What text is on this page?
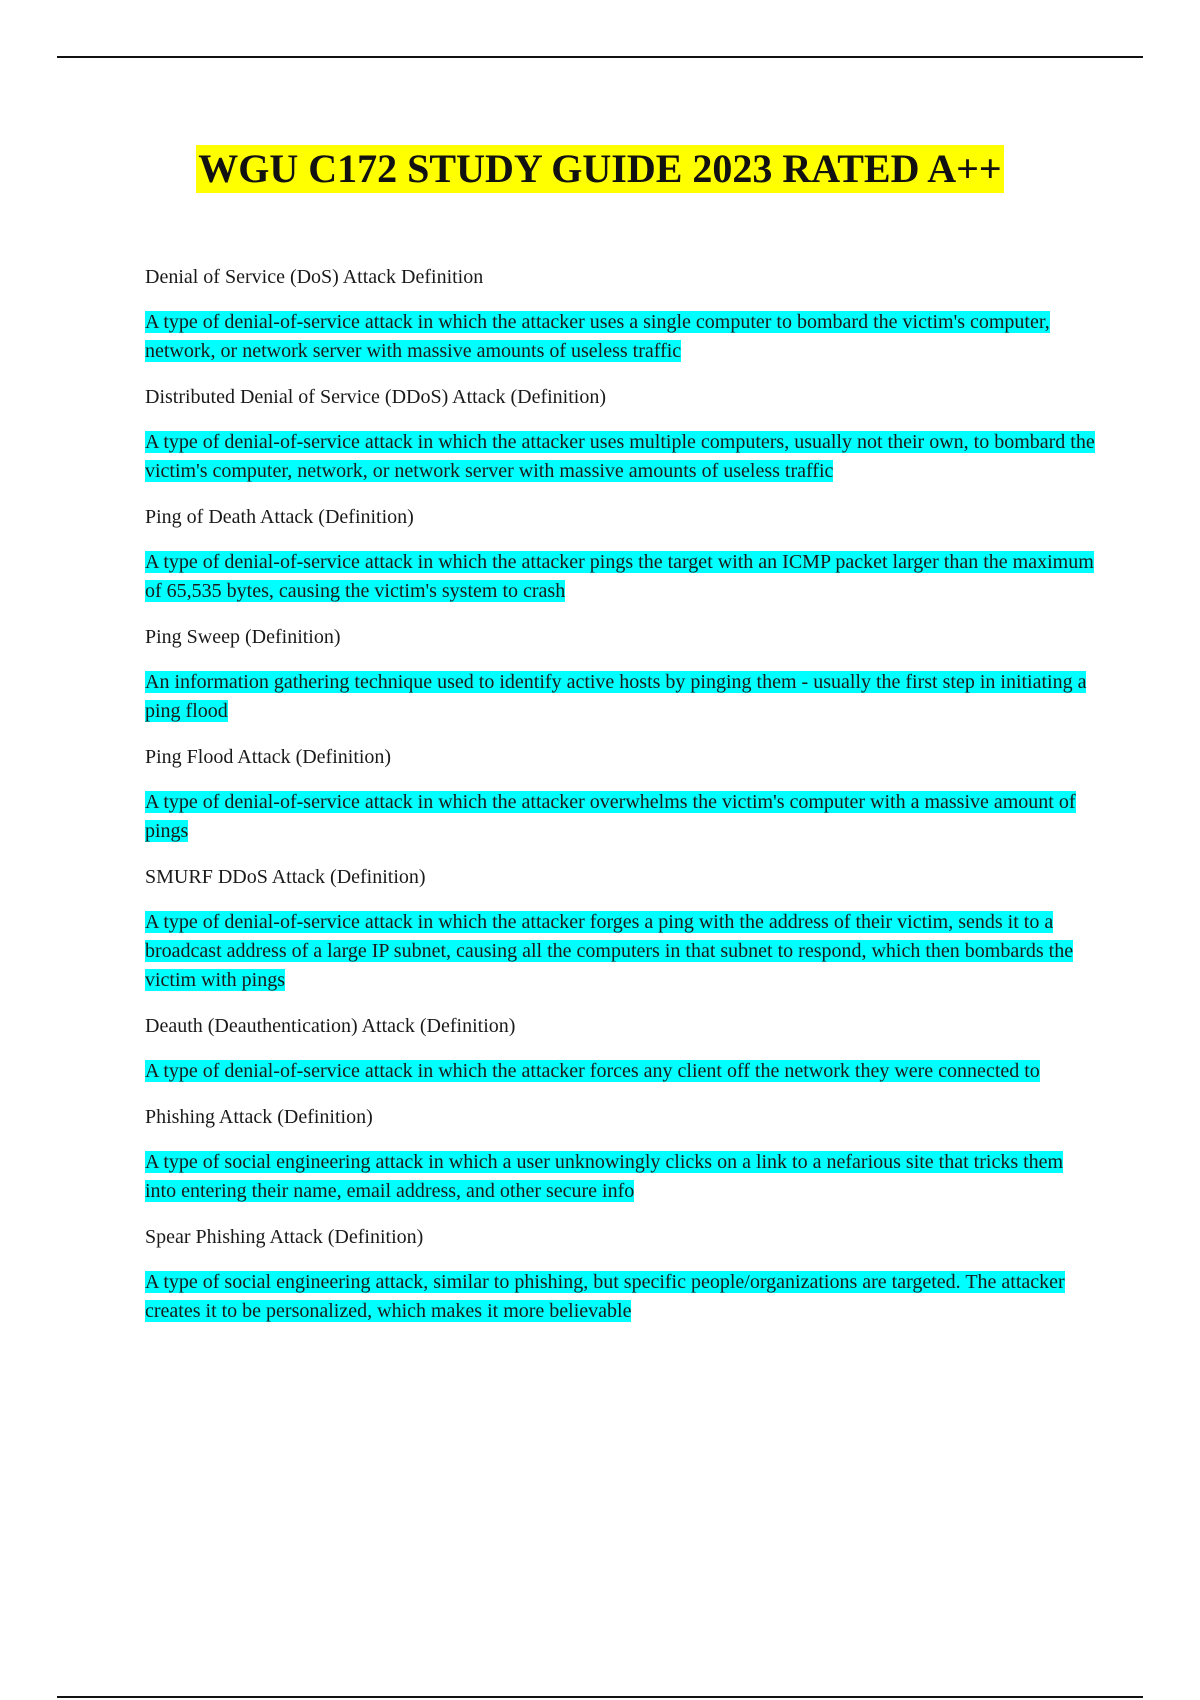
WGU C172 STUDY GUIDE 2023 RATED A++

Denial of Service (DoS) Attack Definition

A type of denial-of-service attack in which the attacker uses a single computer to bombard the victim's computer, network, or network server with massive amounts of useless traffic

Distributed Denial of Service (DDoS) Attack (Definition)

A type of denial-of-service attack in which the attacker uses multiple computers, usually not their own, to bombard the victim's computer, network, or network server with massive amounts of useless traffic

Ping of Death Attack (Definition)

A type of denial-of-service attack in which the attacker pings the target with an ICMP packet larger than the maximum of 65,535 bytes, causing the victim's system to crash

Ping Sweep (Definition)

An information gathering technique used to identify active hosts by pinging them - usually the first step in initiating a ping flood

Ping Flood Attack (Definition)

A type of denial-of-service attack in which the attacker overwhelms the victim's computer with a massive amount of pings

SMURF DDoS Attack (Definition)

A type of denial-of-service attack in which the attacker forges a ping with the address of their victim, sends it to a broadcast address of a large IP subnet, causing all the computers in that subnet to respond, which then bombards the victim with pings

Deauth (Deauthentication) Attack (Definition)

A type of denial-of-service attack in which the attacker forces any client off the network they were connected to

Phishing Attack (Definition)

A type of social engineering attack in which a user unknowingly clicks on a link to a nefarious site that tricks them into entering their name, email address, and other secure info

Spear Phishing Attack (Definition)

A type of social engineering attack, similar to phishing, but specific people/organizations are targeted. The attacker creates it to be personalized, which makes it more believable
